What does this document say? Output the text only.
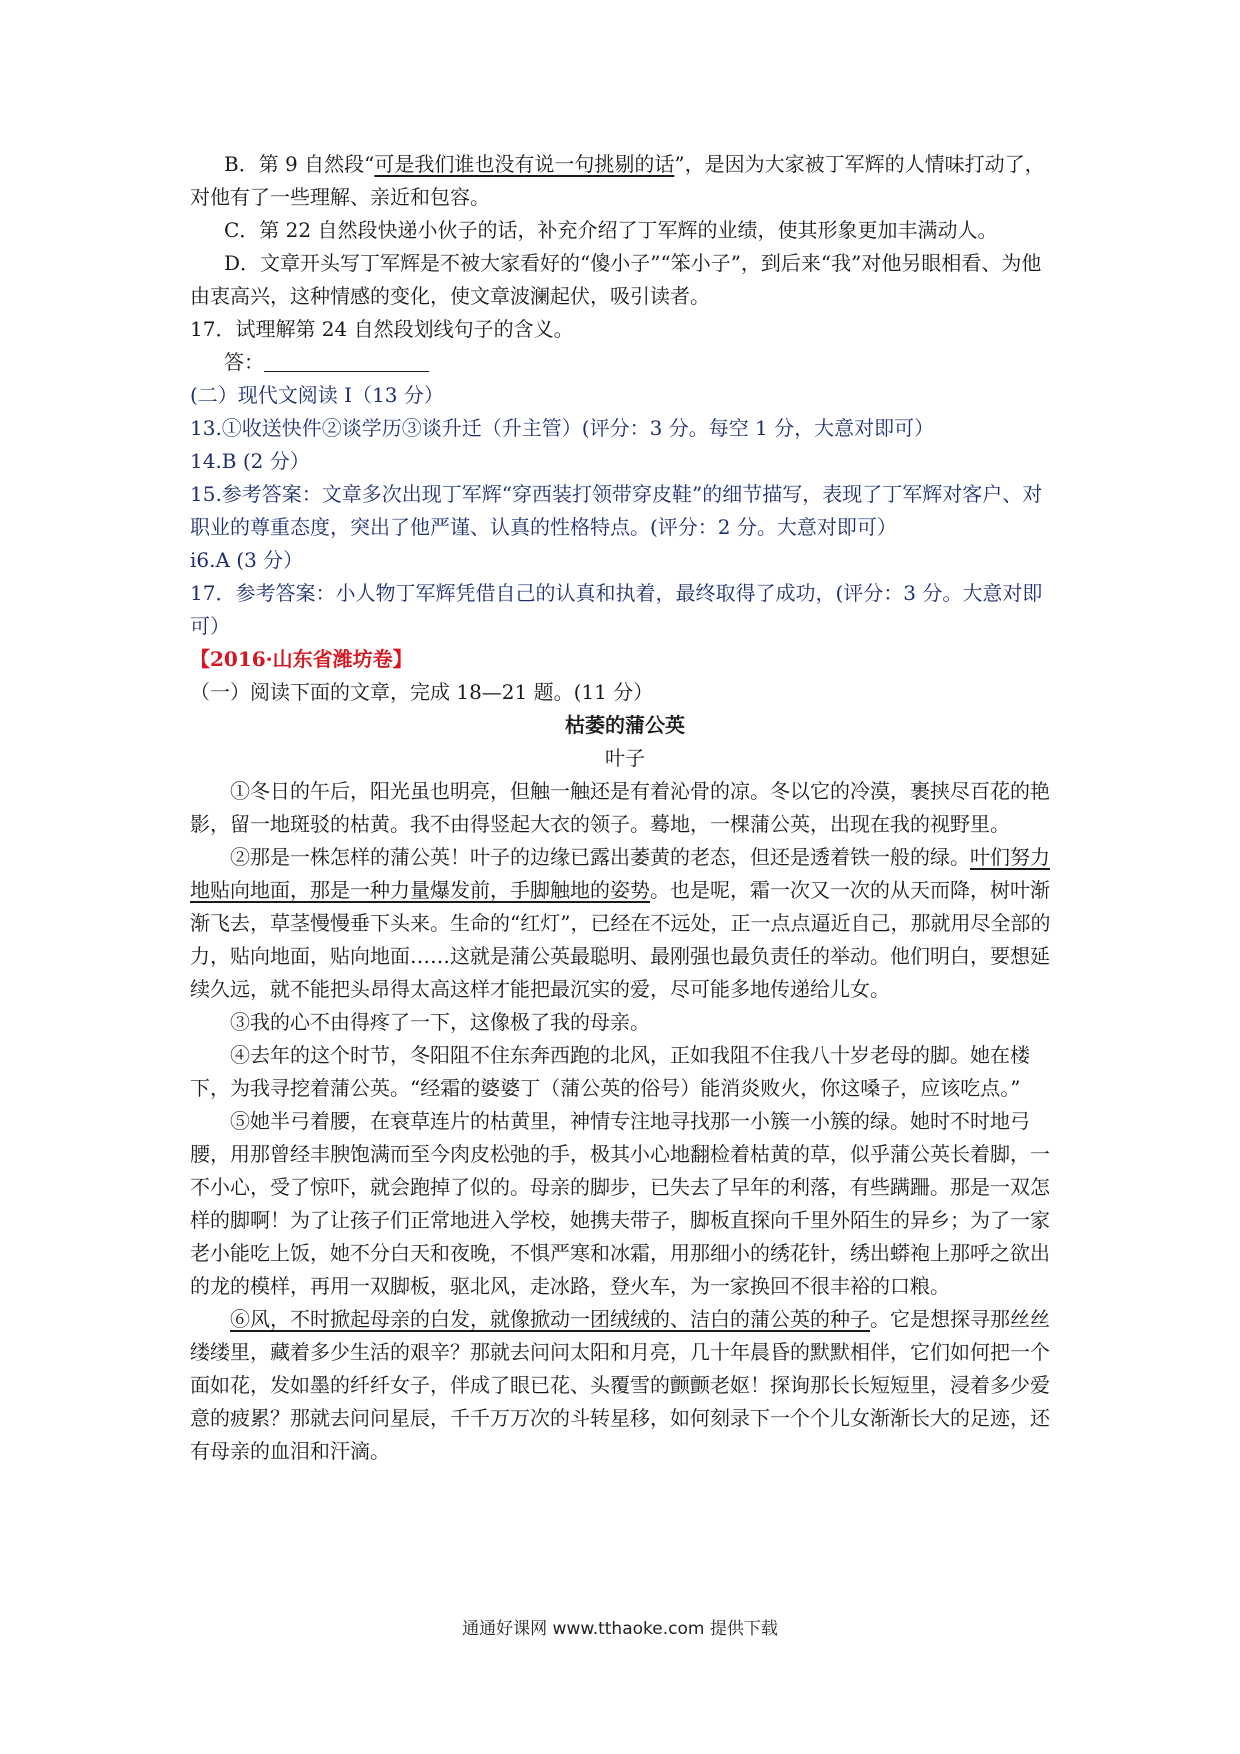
B．第 9 自然段“可是我们谁也没有说一句挑剔的话”，是因为大家被丁军辉的人情味打动了，对他有了一些理解、亲近和包容。

C．第 22 自然段快递小伙子的话，补充介绍了丁军辉的业绩，使其形象更加丰满动人。

D．文章开头写丁军辉是不被大家看好的“傻小子”“笨小子”，到后来“我”对他另眼相看、为他由衷高兴，这种情感的变化，使文章波澜起伏，吸引读者。

17．试理解第 24 自然段划线句子的含义。

答：

(二）现代文阅读 I（13 分）

13.①收送快件②谈学历③谈升迁（升主管）(评分：3 分。每空 1 分，大意对即可）

14.B (2 分）

15.参考答案：文章多次出现丁军辉“穿西装打领带穿皮鞋”的细节描写，表现了丁军辉对客户、对职业的尊重态度，突出了他严谨、认真的性格特点。(评分：2 分。大意对即可）

i6.A (3 分）

17．参考答案：小人物丁军辉凭借自己的认真和执着，最终取得了成功，(评分：3 分。大意对即可）

【2016·山东省潍坊卷】

（一）阅读下面的文章，完成 18—21 题。(11 分）

枯萎的蒲公英

叶子

①冬日的午后，阳光虽也明亮，但触一触还是有着沁骨的凉。冬以它的冷漠，裹挟尽百花的艳影，留一地斑驳的枯黄。我不由得竖起大衣的领子。蓦地，一棵蒲公英，出现在我的视野里。

②那是一株怎样的蒲公英！叶子的边缘已露出萎黄的老态，但还是透着铁一般的绿。叶们努力地贴向地面，那是一种力量爆发前，手脚触地的姿势。也是呢，霜一次又一次的从天而降，树叶渐渐飞去，草茎慢慢垂下头来。生命的“红灯”，已经在不远处，正一点点逼近自己，那就用尽全部的力，贴向地面，贴向地面……这就是蒲公英最聪明、最刚强也最负责任的举动。他们明白，要想延续久远，就不能把头昂得太高这样才能把最沉实的爱，尽可能多地传递给儿女。

③我的心不由得疼了一下，这像极了我的母亲。

④去年的这个时节，冬阳阻不住东奔西跑的北风，正如我阻不住我八十岁老母的脚。她在楼下，为我寻挖着蒲公英。“经霜的婆婆丁（蒲公英的俗号）能消炎败火，你这嗓子，应该吃点。”

⑤她半弓着腰，在衰草连片的枯黄里，神情专注地寻找那一小簇一小簇的绿。她时不时地弓腰，用那曾经丰腴饱满而至今肉皮松弛的手，极其小心地翻检着枯黄的草，似乎蒲公英长着脚，一不小心，受了惊吓，就会跑掉了似的。母亲的脚步，已失去了早年的利落，有些蹒跚。那是一双怎样的脚啊！为了让孩子们正常地进入学校，她携夫带子，脚板直探向千里外陌生的异乡；为了一家老小能吃上饭，她不分白天和夜晚，不惧严寒和冰霜，用那细小的绣花针，绣出蟒袍上那呼之欲出的龙的模样，再用一双脚板，驱北风，走冰路，登火车，为一家换回不很丰裕的口粮。

⑥风，不时掀起母亲的白发，就像掀动一团绒绒的、洁白的蒲公英的种子。它是想探寻那丝丝缕缕里，藏着多少生活的艰辛？那就去问问太阳和月亮，几十年晨昏的默默相伴，它们如何把一个面如花，发如墨的纤纤女子，伴成了眼已花、头覆雪的颤颤老妪！探询那长长短短里，浸着多少爱意的疲累？那就去问问星辰，千千万万次的斗转星移，如何刻录下一个个儿女渐渐长大的足迹，还有母亲的血泪和汗滴。

通通好课网 www.tthaoke.com 提供下载
